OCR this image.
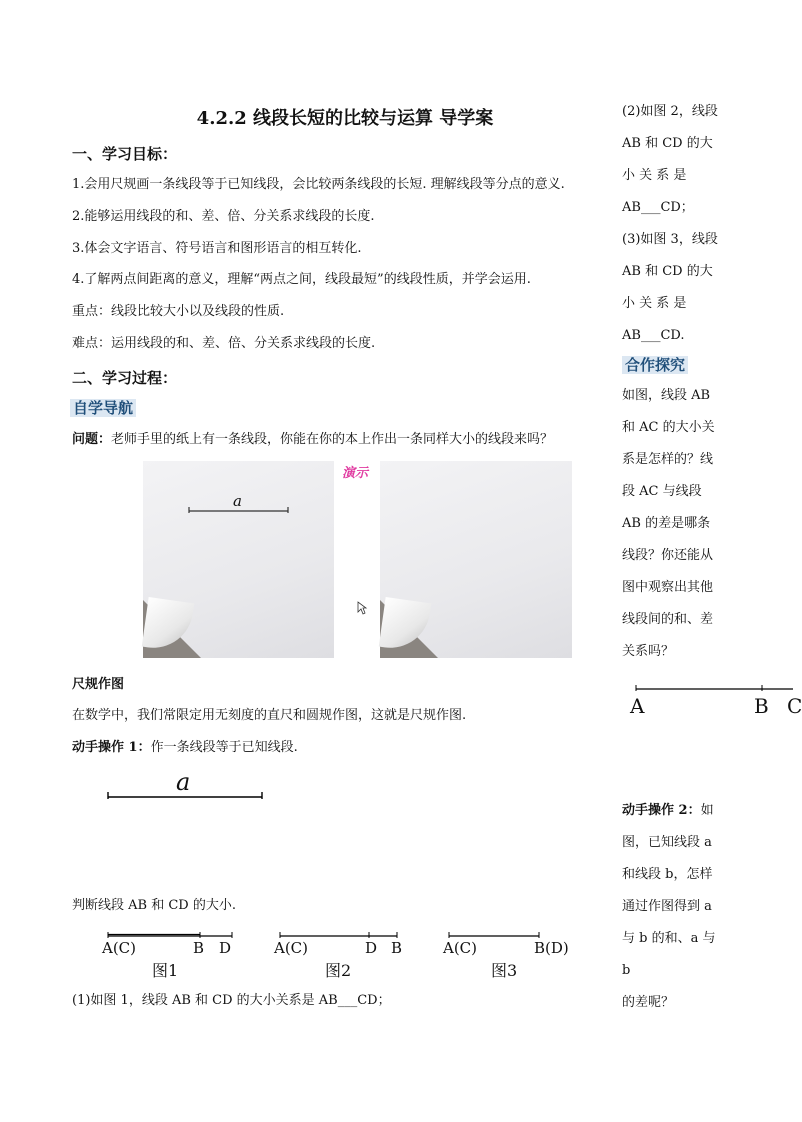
4.2.2 线段长短的比较与运算 导学案
一、学习目标：
1.会用尺规画一条线段等于已知线段，会比较两条线段的长短. 理解线段等分点的意义.
2.能够运用线段的和、差、倍、分关系求线段的长度.
3.体会文字语言、符号语言和图形语言的相互转化.
4.了解两点间距离的意义，理解“两点之间，线段最短”的线段性质，并学会运用.
重点：线段比较大小以及线段的性质.
难点：运用线段的和、差、倍、分关系求线段的长度.
二、学习过程：
自学导航
问题：老师手里的纸上有一条线段，你能在你的本上作出一条同样大小的线段来吗？
a
演示
尺规作图
在数学中，我们常限定用无刻度的直尺和圆规作图，这就是尺规作图.
动手操作 1：作一条线段等于已知线段.
a
判断线段 AB 和 CD 的大小.
A(C)	B D
图1
A(C)	D B
图2
A(C)	B(D)
图3
(1)如图 1，线段 AB 和 CD 的大小关系是 AB___CD；
(2)如图 2，线段
AB 和 CD 的大
小 关 系 是
AB___CD；
(3)如图 3，线段
AB 和 CD 的大
小 关 系 是
AB___CD.
合作探究
如图，线段 AB
和 AC 的大小关
系是怎样的？线
段 AC 与线段
AB 的差是哪条
线段？你还能从
图中观察出其他
线段间的和、差
关系吗？
A	B C
动手操作 2：如
图，已知线段 a
和线段 b，怎样
通过作图得到 a
与 b 的和、a 与 b
的差呢？
